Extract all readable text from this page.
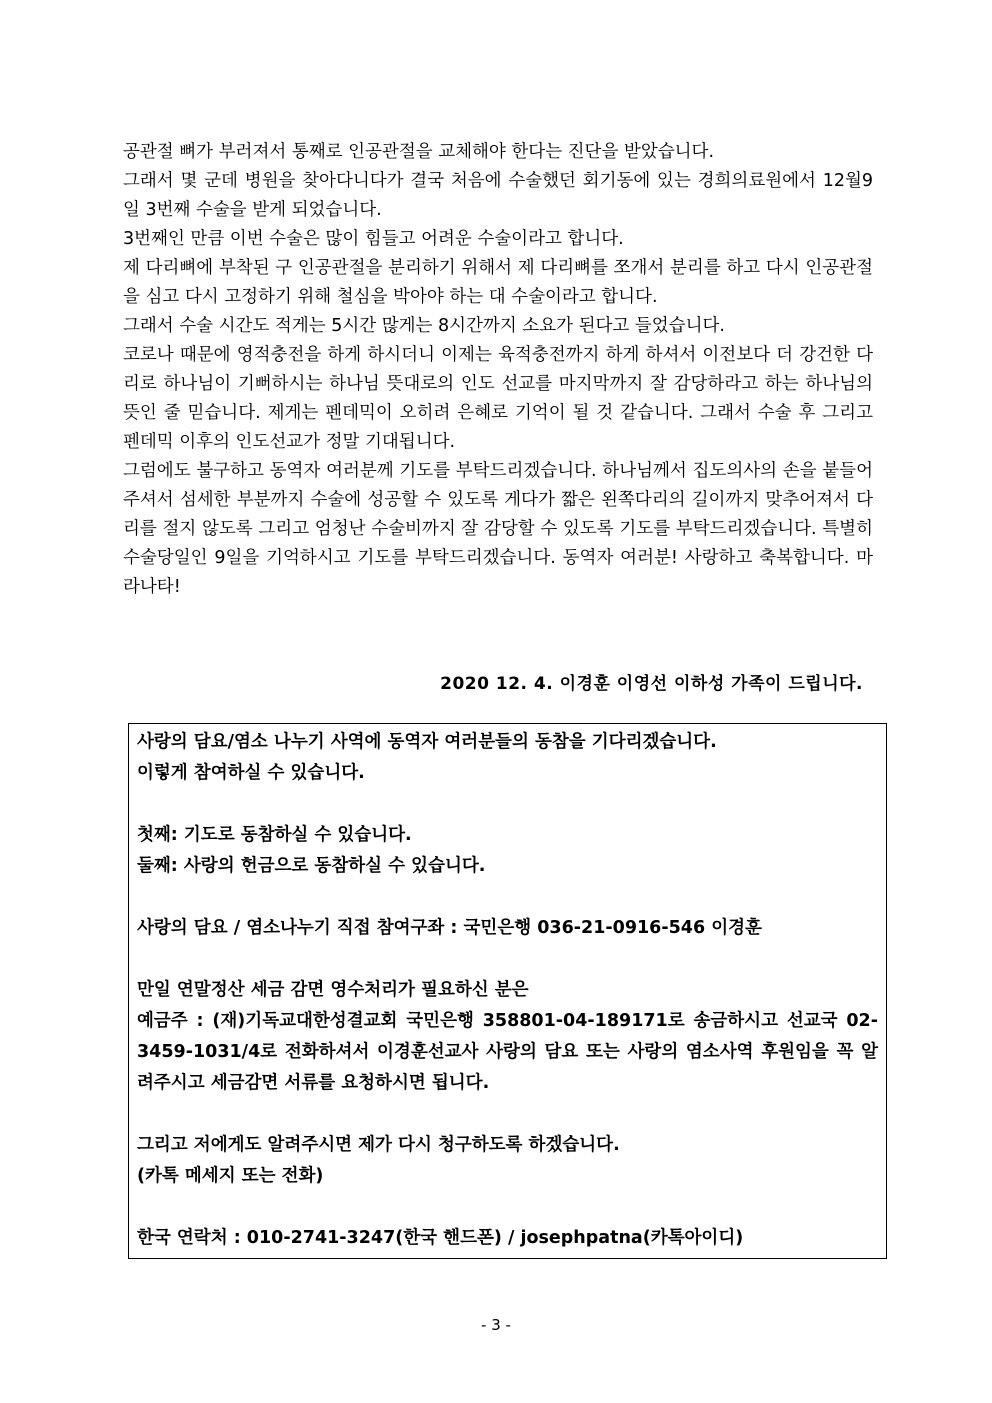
공관절 뼈가 부러져서 통째로 인공관절을 교체해야 한다는 진단을 받았습니다.

그래서 몇 군데 병원을 찾아다니다가 결국 처음에 수술했던 회기동에 있는 경희의료원에서 12월9일 3번째 수술을 받게 되었습니다.

3번째인 만큼 이번 수술은 많이 힘들고 어려운 수술이라고 합니다.

제 다리뼈에 부착된 구 인공관절을 분리하기 위해서 제 다리뼈를 쪼개서 분리를 하고 다시 인공관절을 심고 다시 고정하기 위해 철심을 박아야 하는 대 수술이라고 합니다.

그래서 수술 시간도 적게는 5시간 많게는 8시간까지 소요가 된다고 들었습니다.

코로나 때문에 영적충전을 하게 하시더니 이제는 육적충전까지 하게 하셔서 이전보다 더 강건한 다리로 하나님이 기뻐하시는 하나님 뜻대로의 인도 선교를 마지막까지 잘 감당하라고 하는 하나님의 뜻인 줄 믿습니다. 제게는 펜데믹이 오히려 은혜로 기억이 될 것 같습니다. 그래서 수술 후 그리고 펜데믹 이후의 인도선교가 정말 기대됩니다.

그럼에도 불구하고 동역자 여러분께 기도를 부탁드리겠습니다. 하나님께서 집도의사의 손을 붙들어주셔서 섬세한 부분까지 수술에 성공할 수 있도록 게다가 짧은 왼쪽다리의 길이까지 맞추어져서 다리를 절지 않도록 그리고 엄청난 수술비까지 잘 감당할 수 있도록 기도를 부탁드리겠습니다. 특별히 수술당일인 9일을 기억하시고 기도를 부탁드리겠습니다. 동역자 여러분! 사랑하고 축복합니다. 마라나타!

2020 12. 4. 이경훈 이영선 이하성 가족이 드립니다.

사랑의 담요/염소 나누기 사역에 동역자 여러분들의 동참을 기다리겠습니다.

이렇게 참여하실 수 있습니다.

첫째: 기도로 동참하실 수 있습니다.

둘째: 사랑의 헌금으로 동참하실 수 있습니다.

사랑의 담요 / 염소나누기 직접 참여구좌 : 국민은행 036-21-0916-546 이경훈

만일 연말정산 세금 감면 영수처리가 필요하신 분은

예금주 : (재)기독교대한성결교회 국민은행 358801-04-189171로 송금하시고 선교국 02-3459-1031/4로 전화하셔서 이경훈선교사 사랑의 담요 또는 사랑의 염소사역 후원임을 꼭 알려주시고 세금감면 서류를 요청하시면 됩니다.

그리고 저에게도 알려주시면 제가 다시 청구하도록 하겠습니다.

(카톡 메세지 또는 전화)

한국 연락처 : 010-2741-3247(한국 핸드폰) / josephpatna(카톡아이디)

- 3 -
